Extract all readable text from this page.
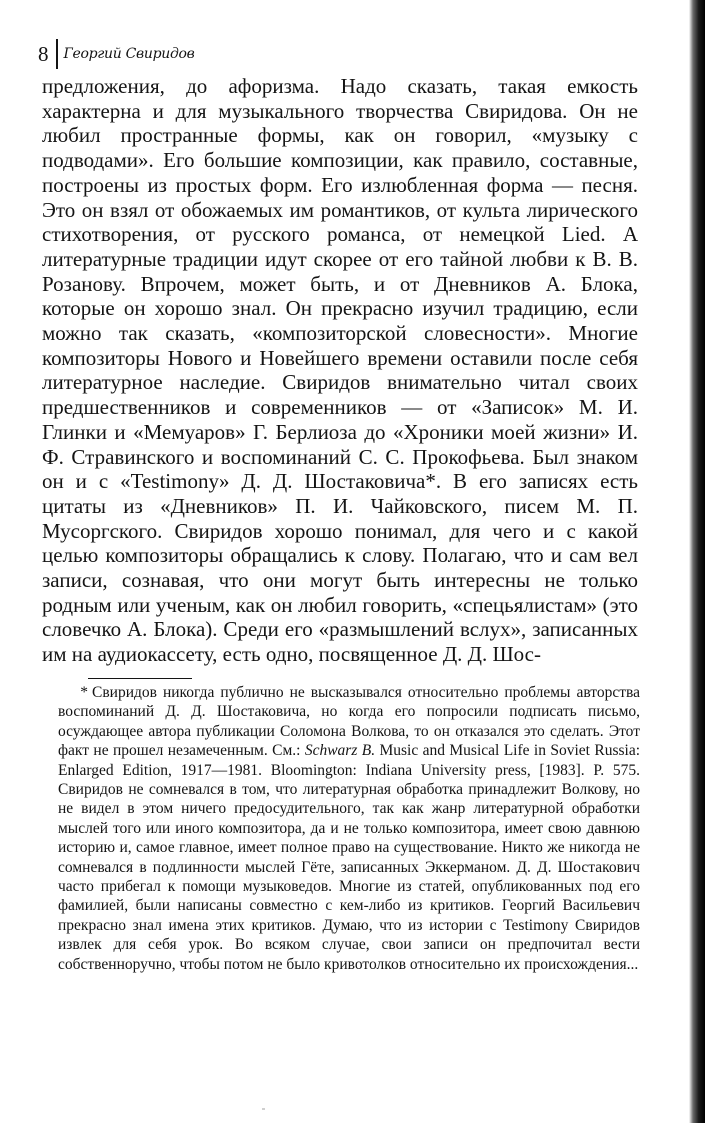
8 Георгий Свиридов

предложения, до афоризма. Надо сказать, такая емкость характерна и для музыкального творчества Свиридова. Он не любил пространные формы, как он говорил, «музыку с подводами». Его большие композиции, как правило, составные, построены из простых форм. Его излюбленная форма — песня. Это он взял от обожаемых им романтиков, от культа лирического стихотворения, от русского романса, от немецкой Lied. А литературные традиции идут скорее от его тайной любви к В. В. Розанову. Впрочем, может быть, и от Дневников А. Блока, которые он хорошо знал. Он прекрасно изучил традицию, если можно так сказать, «композиторской словесности». Многие композиторы Нового и Новейшего времени оставили после себя литературное наследие. Свиридов внимательно читал своих предшественников и современников — от «Записок» М. И. Глинки и «Мемуаров» Г. Берлиоза до «Хроники моей жизни» И. Ф. Стравинского и воспоминаний С. С. Прокофьева. Был знаком он и с «Testimony» Д. Д. Шостаковича*. В его записях есть цитаты из «Дневников» П. И. Чайковского, писем М. П. Мусоргского. Свиридов хорошо понимал, для чего и с какой целью композиторы обращались к слову. Полагаю, что и сам вел записи, сознавая, что они могут быть интересны не только родным или ученым, как он любил говорить, «спецьялистам» (это словечко А. Блока). Среди его «размышлений вслух», записанных им на аудиокассету, есть одно, посвященное Д. Д. Шос-

* Свиридов никогда публично не высказывался относительно проблемы авторства воспоминаний Д. Д. Шостаковича, но когда его попросили подписать письмо, осуждающее автора публикации Соломона Волкова, то он отказался это сделать. Этот факт не прошел незамеченным. См.: Schwarz B. Music and Musical Life in Soviet Russia: Enlarged Edition, 1917—1981. Bloomington: Indiana University press, [1983]. P. 575. Свиридов не сомневался в том, что литературная обработка принадлежит Волкову, но не видел в этом ничего предосудительного, так как жанр литературной обработки мыслей того или иного композитора, да и не только композитора, имеет свою давнюю историю и, самое главное, имеет полное право на существование. Никто же никогда не сомневался в подлинности мыслей Гёте, записанных Эккерманом. Д. Д. Шостакович часто прибегал к помощи музыковедов. Многие из статей, опубликованных под его фамилией, были написаны совместно с кем-либо из критиков. Георгий Васильевич прекрасно знал имена этих критиков. Думаю, что из истории с Testimony Свиридов извлек для себя урок. Во всяком случае, свои записи он предпочитал вести собственноручно, чтобы потом не было кривотолков относительно их происхождения...
